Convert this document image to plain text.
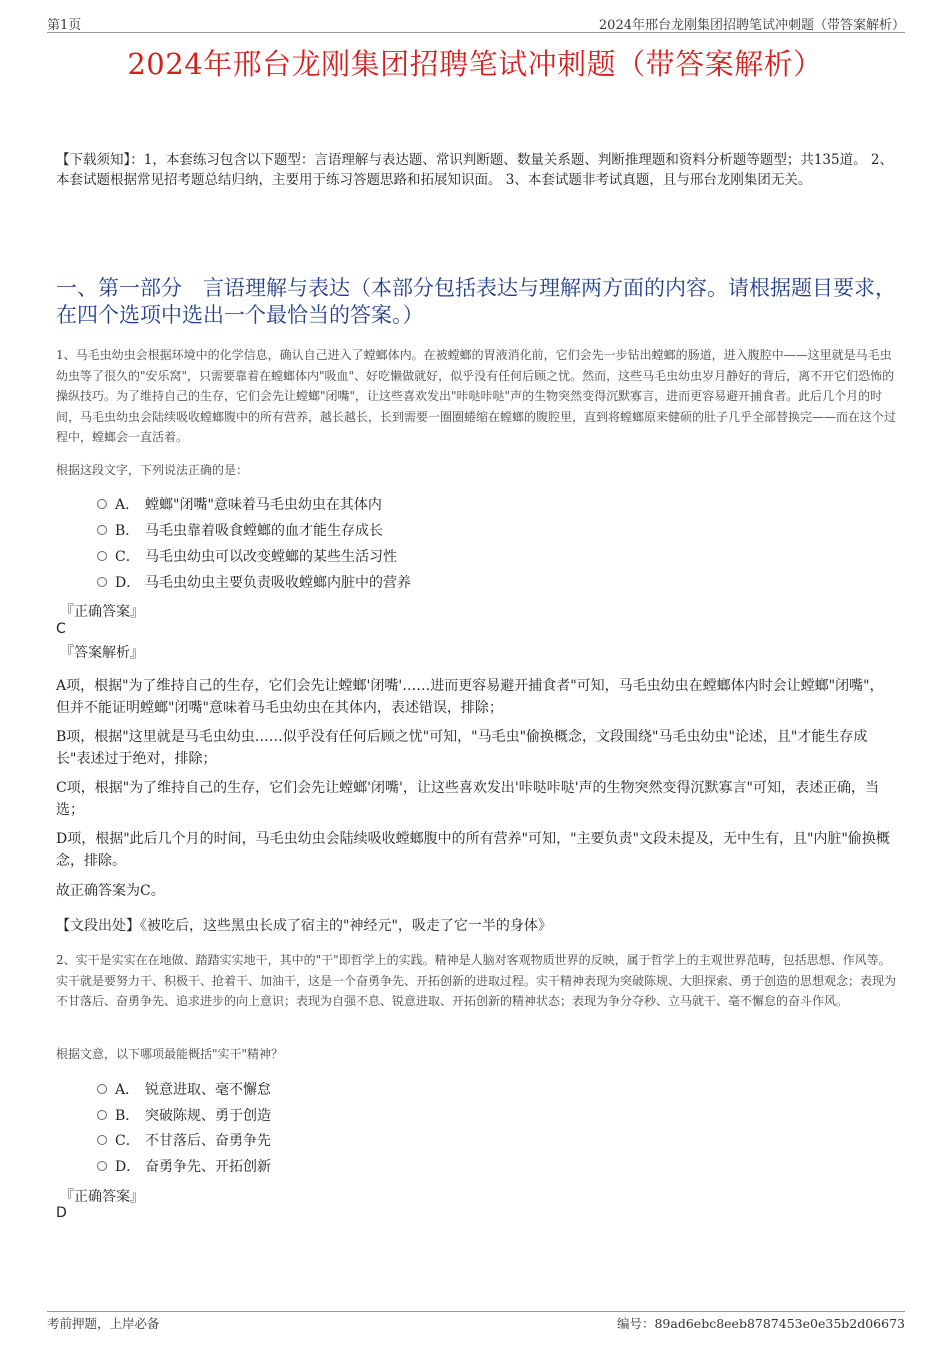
第1页	2024年邢台龙刚集团招聘笔试冲刺题（带答案解析）
2024年邢台龙刚集团招聘笔试冲刺题（带答案解析）
【下载须知】：1，本套练习包含以下题型：言语理解与表达题、常识判断题、数量关系题、判断推理题和资料分析题等题型；共135道。 2、本套试题根据常见招考题总结归纳，主要用于练习答题思路和拓展知识面。 3、本套试题非考试真题，且与邢台龙刚集团无关。
一、第一部分　言语理解与表达（本部分包括表达与理解两方面的内容。请根据题目要求，在四个选项中选出一个最恰当的答案。）
1、马毛虫幼虫会根据环境中的化学信息，确认自己进入了螳螂体内。在被螳螂的胃液消化前，它们会先一步钻出螳螂的肠道，进入腹腔中——这里就是马毛虫幼虫等了很久的"安乐窝"，只需要靠着在螳螂体内"吸血"、好吃懒做就好，似乎没有任何后顾之忧。然而，这些马毛虫幼虫岁月静好的背后，离不开它们恐怖的操纵技巧。为了维持自己的生存，它们会先让螳螂"闭嘴"，让这些喜欢发出"咔哒咔哒"声的生物突然变得沉默寡言，进而更容易避开捕食者。此后几个月的时间，马毛虫幼虫会陆续吸收螳螂腹中的所有营养，越长越长，长到需要一圈圈蜷缩在螳螂的腹腔里，直到将螳螂原来健硕的肚子几乎全部替换完——而在这个过程中，螳螂会一直活着。
根据这段文字，下列说法正确的是：
A． 螳螂"闭嘴"意味着马毛虫幼虫在其体内
B． 马毛虫靠着吸食螳螂的血才能生存成长
C． 马毛虫幼虫可以改变螳螂的某些生活习性
D． 马毛虫幼虫主要负责吸收螳螂内脏中的营养
『正确答案』
C
『答案解析』
A项，根据"为了维持自己的生存，它们会先让螳螂'闭嘴'……进而更容易避开捕食者"可知，马毛虫幼虫在螳螂体内时会让螳螂"闭嘴"，但并不能证明螳螂"闭嘴"意味着马毛虫幼虫在其体内，表述错误，排除；
B项，根据"这里就是马毛虫幼虫……似乎没有任何后顾之忧"可知，"马毛虫"偷换概念，文段围绕"马毛虫幼虫"论述，且"才能生存成长"表述过于绝对，排除；
C项，根据"为了维持自己的生存，它们会先让螳螂'闭嘴'，让这些喜欢发出'咔哒咔哒'声的生物突然变得沉默寡言"可知，表述正确，当选；
D项，根据"此后几个月的时间，马毛虫幼虫会陆续吸收螳螂腹中的所有营养"可知，"主要负责"文段未提及，无中生有，且"内脏"偷换概念，排除。
故正确答案为C。
【文段出处】《被吃后，这些黑虫长成了宿主的"神经元"，吸走了它一半的身体》
2、实干是实实在在地做、踏踏实实地干，其中的"干"即哲学上的实践。精神是人脑对客观物质世界的反映，属于哲学上的主观世界范畴，包括思想、作风等。实干就是要努力干、积极干、抢着干、加油干，这是一个奋勇争先、开拓创新的进取过程。实干精神表现为突破陈规、大胆探索、勇于创造的思想观念；表现为不甘落后、奋勇争先、追求进步的向上意识；表现为自强不息、锐意进取、开拓创新的精神状态；表现为争分夺秒、立马就干、毫不懈怠的奋斗作风。
根据文意，以下哪项最能概括"实干"精神？
A． 锐意进取、毫不懈怠
B． 突破陈规、勇于创造
C． 不甘落后、奋勇争先
D． 奋勇争先、开拓创新
『正确答案』
D
考前押题，上岸必备	编号：89ad6ebc8eeb8787453e0e35b2d06673
